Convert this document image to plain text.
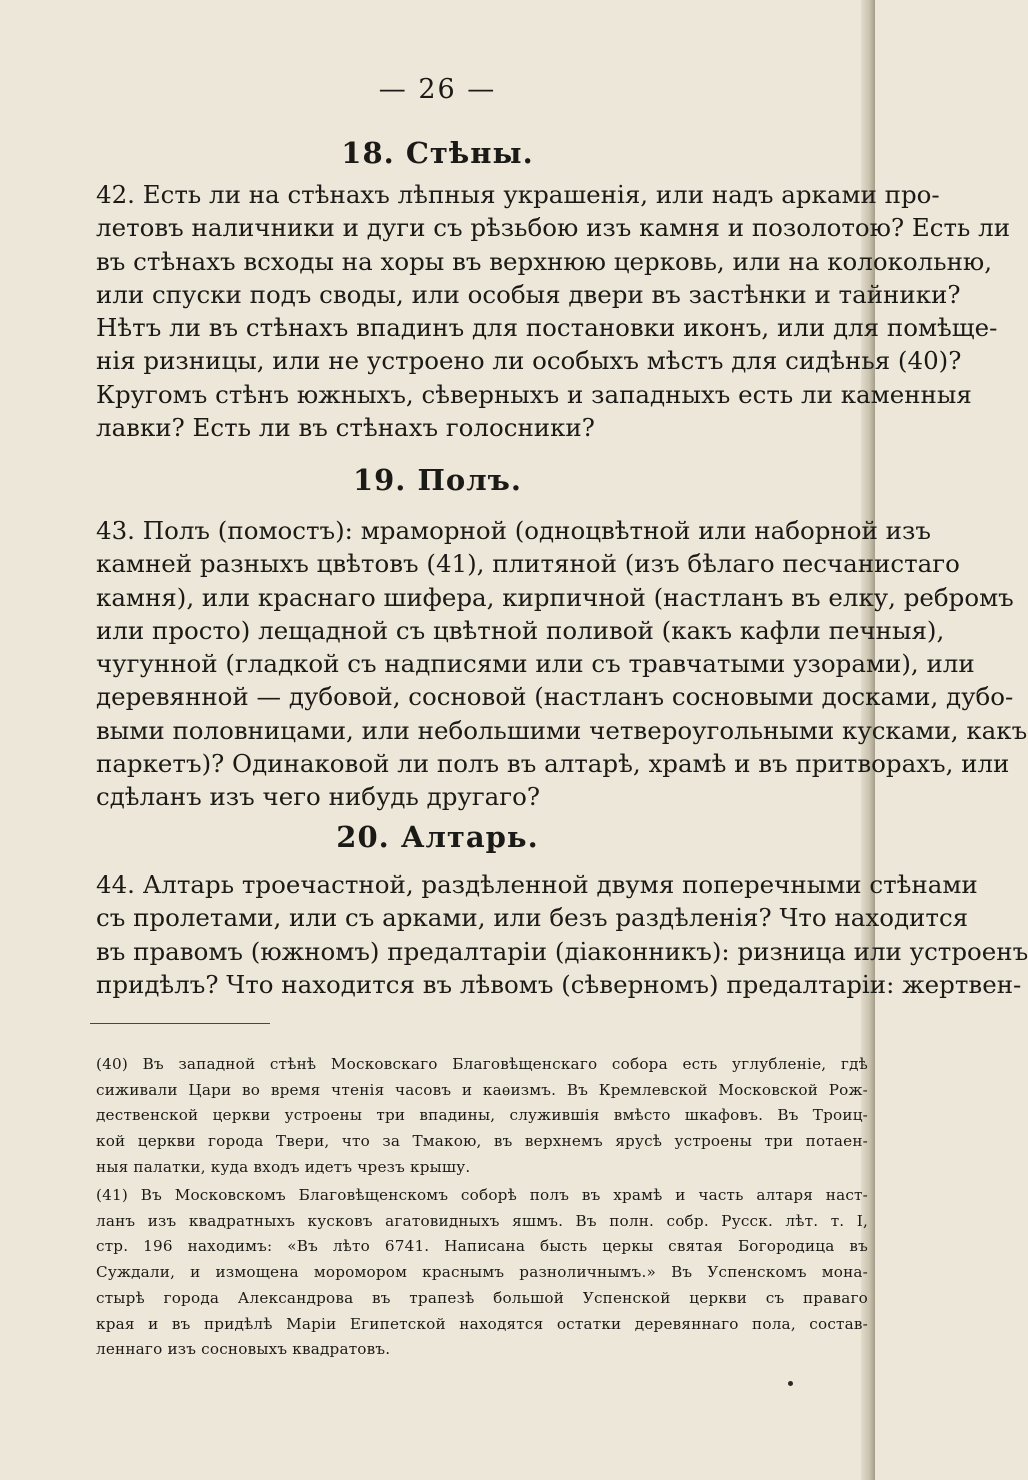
— 26 —
18. Стѣны.
42. Есть ли на стѣнахъ лѣпныя украшенія, или надъ арками про-
летовъ наличники и дуги съ рѣзьбою изъ камня и позолотою? Есть ли
въ стѣнахъ всходы на хоры въ верхнюю церковь, или на колокольню,
или спуски подъ своды, или особыя двери въ застѣнки и тайники?
Нѣтъ ли въ стѣнахъ впадинъ для постановки иконъ, или для помѣще-
нія ризницы, или не устроено ли особыхъ мѣстъ для сидѣнья (40)?
Кругомъ стѣнъ южныхъ, сѣверныхъ и западныхъ есть ли каменныя
лавки? Есть ли въ стѣнахъ голосники?
19. Полъ.
43. Полъ (помостъ): мраморной (одноцвѣтной или наборной изъ
камней разныхъ цвѣтовъ (41), плитяной (изъ бѣлаго песчанистаго
камня), или краснаго шифера, кирпичной (настланъ въ елку, ребромъ
или просто) лещадной съ цвѣтной поливой (какъ кафли печныя),
чугунной (гладкой съ надписями или съ травчатыми узорами), или
деревянной — дубовой, сосновой (настланъ сосновыми досками, дубо-
выми половницами, или небольшими четвероугольными кусками, какъ
паркетъ)? Одинаковой ли полъ въ алтарѣ, храмѣ и въ притворахъ, или
сдѣланъ изъ чего нибудь другаго?
20. Алтарь.
44. Алтарь троечастной, раздѣленной двумя поперечными стѣнами
съ пролетами, или съ арками, или безъ раздѣленія? Что находится
въ правомъ (южномъ) предалтаріи (діаконникъ): ризница или устроенъ
придѣлъ? Что находится въ лѣвомъ (сѣверномъ) предалтаріи: жертвен-
(40) Въ западной стѣнѣ Московскаго Благовѣщенскаго собора есть углубленіе, гдѣ
сиживали Цари во время чтенія часовъ и каѳизмъ. Въ Кремлевской Московской Рож-
дественской церкви устроены три впадины, служившія вмѣсто шкафовъ. Въ Троиц-
кой церкви города Твери, что за Тмакою, въ верхнемъ ярусѣ устроены три потаен-
ныя палатки, куда входъ идетъ чрезъ крышу.
(41) Въ Московскомъ Благовѣщенскомъ соборѣ полъ въ храмѣ и часть алтаря наст-
ланъ изъ квадратныхъ кусковъ агатовидныхъ яшмъ. Въ полн. собр. Русск. лѣт. т. I,
стр. 196 находимъ: «Въ лѣто 6741. Написана бысть церкы святая Богородица въ
Суждали, и измощена моромором краснымъ разноличнымъ.» Въ Успенскомъ мона-
стырѣ города Александрова въ трапезѣ большой Успенской церкви съ праваго
края и въ придѣлѣ Маріи Египетской находятся остатки деревяннаго пола, состав-
леннаго изъ сосновыхъ квадратовъ.
